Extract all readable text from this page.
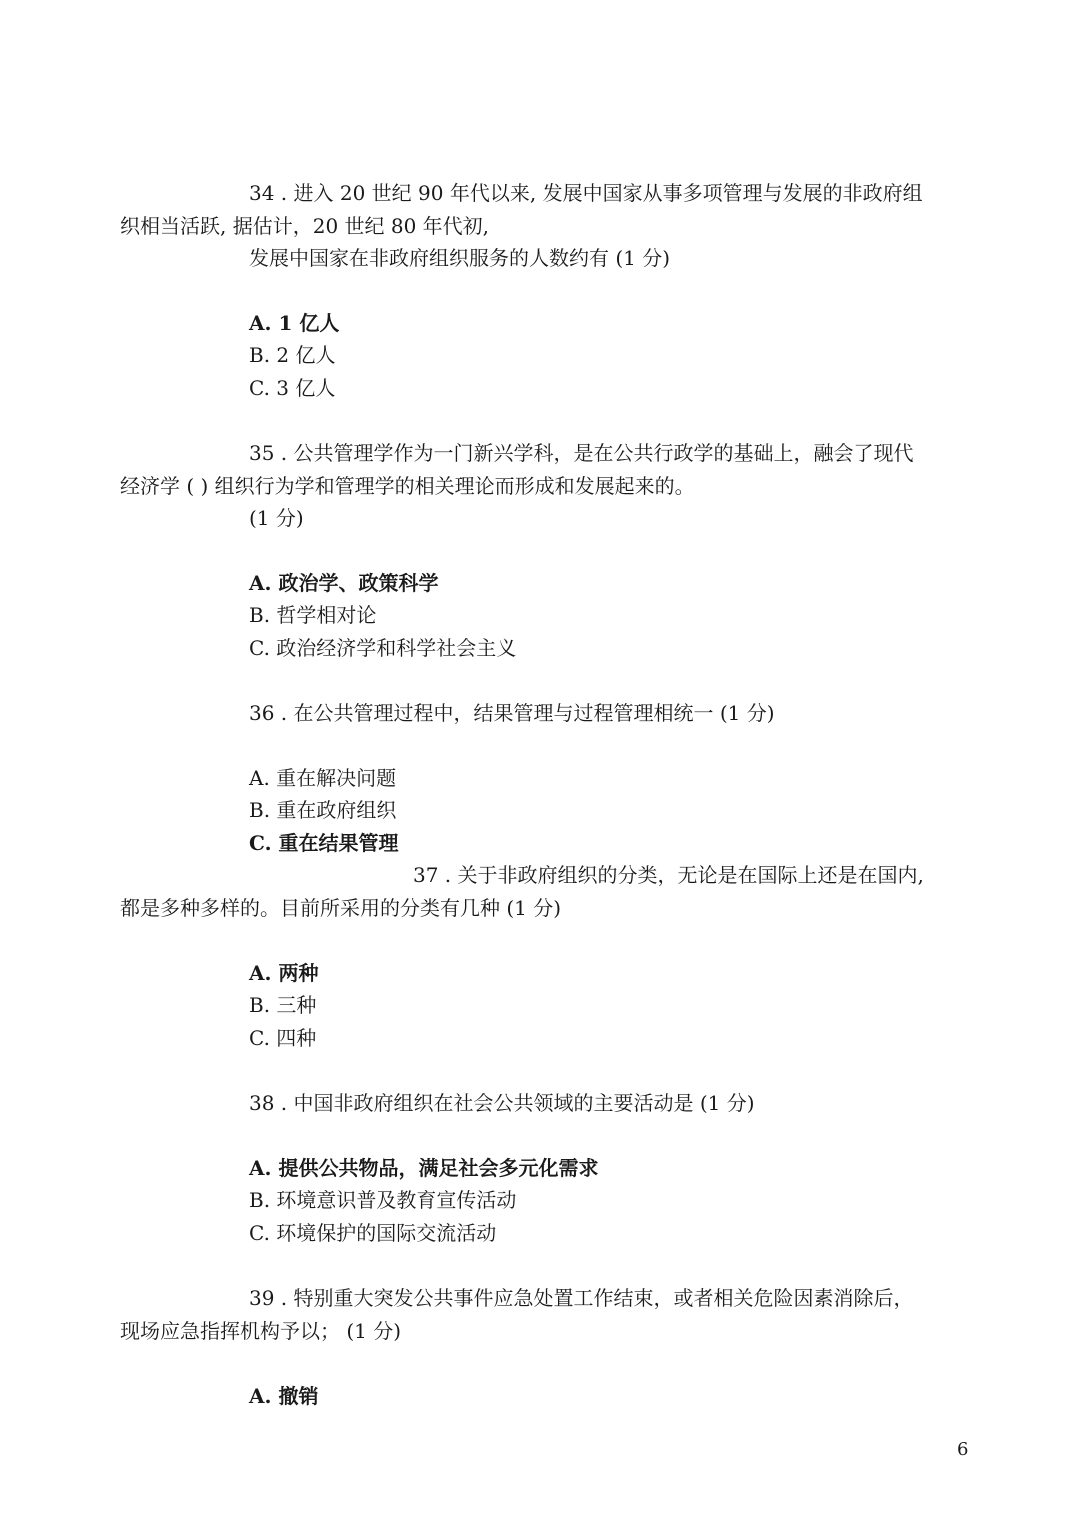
34 . 进入 20 世纪 90 年代以来, 发展中国家从事多项管理与发展的非政府组
织相当活跃, 据估计，20 世纪 80 年代初,
发展中国家在非政府组织服务的人数约有 (1 分)
A. 1 亿人
B. 2 亿人
C. 3 亿人
35 . 公共管理学作为一门新兴学科，是在公共行政学的基础上，融会了现代
经济学 ( ) 组织行为学和管理学的相关理论而形成和发展起来的。
(1 分)
A. 政治学、政策科学
B. 哲学相对论
C. 政治经济学和科学社会主义
36 . 在公共管理过程中，结果管理与过程管理相统一 (1 分)
A. 重在解决问题
B. 重在政府组织
C. 重在结果管理
37 . 关于非政府组织的分类，无论是在国际上还是在国内,
都是多种多样的。目前所采用的分类有几种 (1 分)
A. 两种
B. 三种
C. 四种
38 . 中国非政府组织在社会公共领域的主要活动是 (1 分)
A. 提供公共物品，满足社会多元化需求
B. 环境意识普及教育宣传活动
C. 环境保护的国际交流活动
39 . 特别重大突发公共事件应急处置工作结束，或者相关危险因素消除后，
现场应急指挥机构予以； (1 分)
A. 撤销
6
